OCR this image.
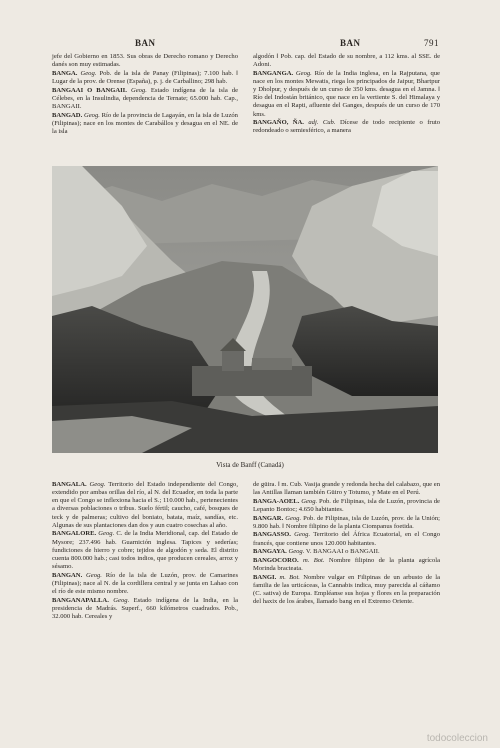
BAN	BAN	791

jefe del Gobierno en 1853. Sus obras de Derecho romano y Derecho danés son muy estimadas.

BANGA. Geog. Pob. de la isla de Panay (Filipinas); 7.100 hab. ‖ Lugar de la prov. de Orense (España), p. j. de Carballino; 298 hab.

BANGAAI O BANGAII. Geog. Estado indígena de la isla de Célebes, en la Insulindia, dependencia de Ternate; 65.000 hab. Cap., BANGAII.

BANGAD. Geog. Río de la provincia de Lagayán, en la isla de Luzón (Filipinas); nace en los montes de Carabállos y desagua en el NE. de la isla

algodón ‖ Pob. cap. del Estado de su nombre, a 112 kms. al SSE. de Adoni.

BANGANGA. Geog. Río de la India inglesa, en la Rajputana, que nace en los montes Mewatis, riega los principados de Jaipur, Bhartpur y Dholpur, y después de un curso de 350 kms. desagua en el Jamna. ‖ Río del Indostán británico, que nace en la vertiente S. del Himalaya y desagua en el Rapti, afluente del Ganges, después de un curso de 170 kms.

BANGAÑO, ÑA. adj. Cub. Dícese de todo recipiente o fruto redondeado o semiesférico, a manera

Vista de Banff (Canadá)

BANGALA. Geog. Territorio del Estado independiente del Congo, extendido por ambas orillas del río, al N. del Ecuador, en toda la parte en que el Congo se inflexiona hacia el S.; 110.000 hab., pertenecientes a diversas poblaciones o tribus. Suelo fértil; caucho, café, bosques de teck y de palmeras; cultivo del boniato, batata, maíz, sandías, etc. Algunas de sus plantaciones dan dos y aun cuatro cosechas al año.

BANGALORE. Geog. C. de la India Meridional, cap. del Estado de Mysore; 237.496 hab. Guarnición inglesa. Tapices y sederías; fundiciones de hierro y cobre; tejidos de algodón y seda. El distrito cuenta 800.000 hab.; casi todos indios, que producen cereales, arroz y sésamo.

BANGAN. Geog. Río de la isla de Luzón, prov. de Camarines (Filipinas); nace al N. de la cordillera central y se junta en Lahao con el río de este mismo nombre.

BANGANAPALLA. Geog. Estado indígena de la India, en la presidencia de Madrás. Superf., 660 kilómetros cuadrados. Pob., 32.000 hab. Cereales y

de güira. ‖ m. Cub. Vasija grande y redonda hecha del calabazo, que en las Antillas llaman también Güiro y Totumo, y Mate en el Perú.

BANGA-AOEL. Geog. Pob. de Filipinas, isla de Luzón, provincia de Lepanto Bontoc; 4.650 habitantes.

BANGAR. Geog. Pob. de Filipinas, isla de Luzón, prov. de la Unión; 9.800 hab. ‖ Nombre filipino de la planta Ciompanus foetida.

BANGASSO. Geog. Territorio del África Ecuatorial, en el Congo francés, que contiene unos 120.000 habitantes.

BANGAYA. Geog. V. BANGAAI o BANGAII.

BANGOCORO. m. Bot. Nombre filipino de la planta agrícola Morinda bracteata.

BANGI. m. Bot. Nombre vulgar en Filipinas de un arbusto de la familia de las urticáceas, la Cannabis indica, muy parecida al cáñamo (C. sativa) de Europa. Empléanse sus hojas y flores en la preparación del haxix de los árabes, llamado bang en el Extremo Oriente.

todocoleccion
